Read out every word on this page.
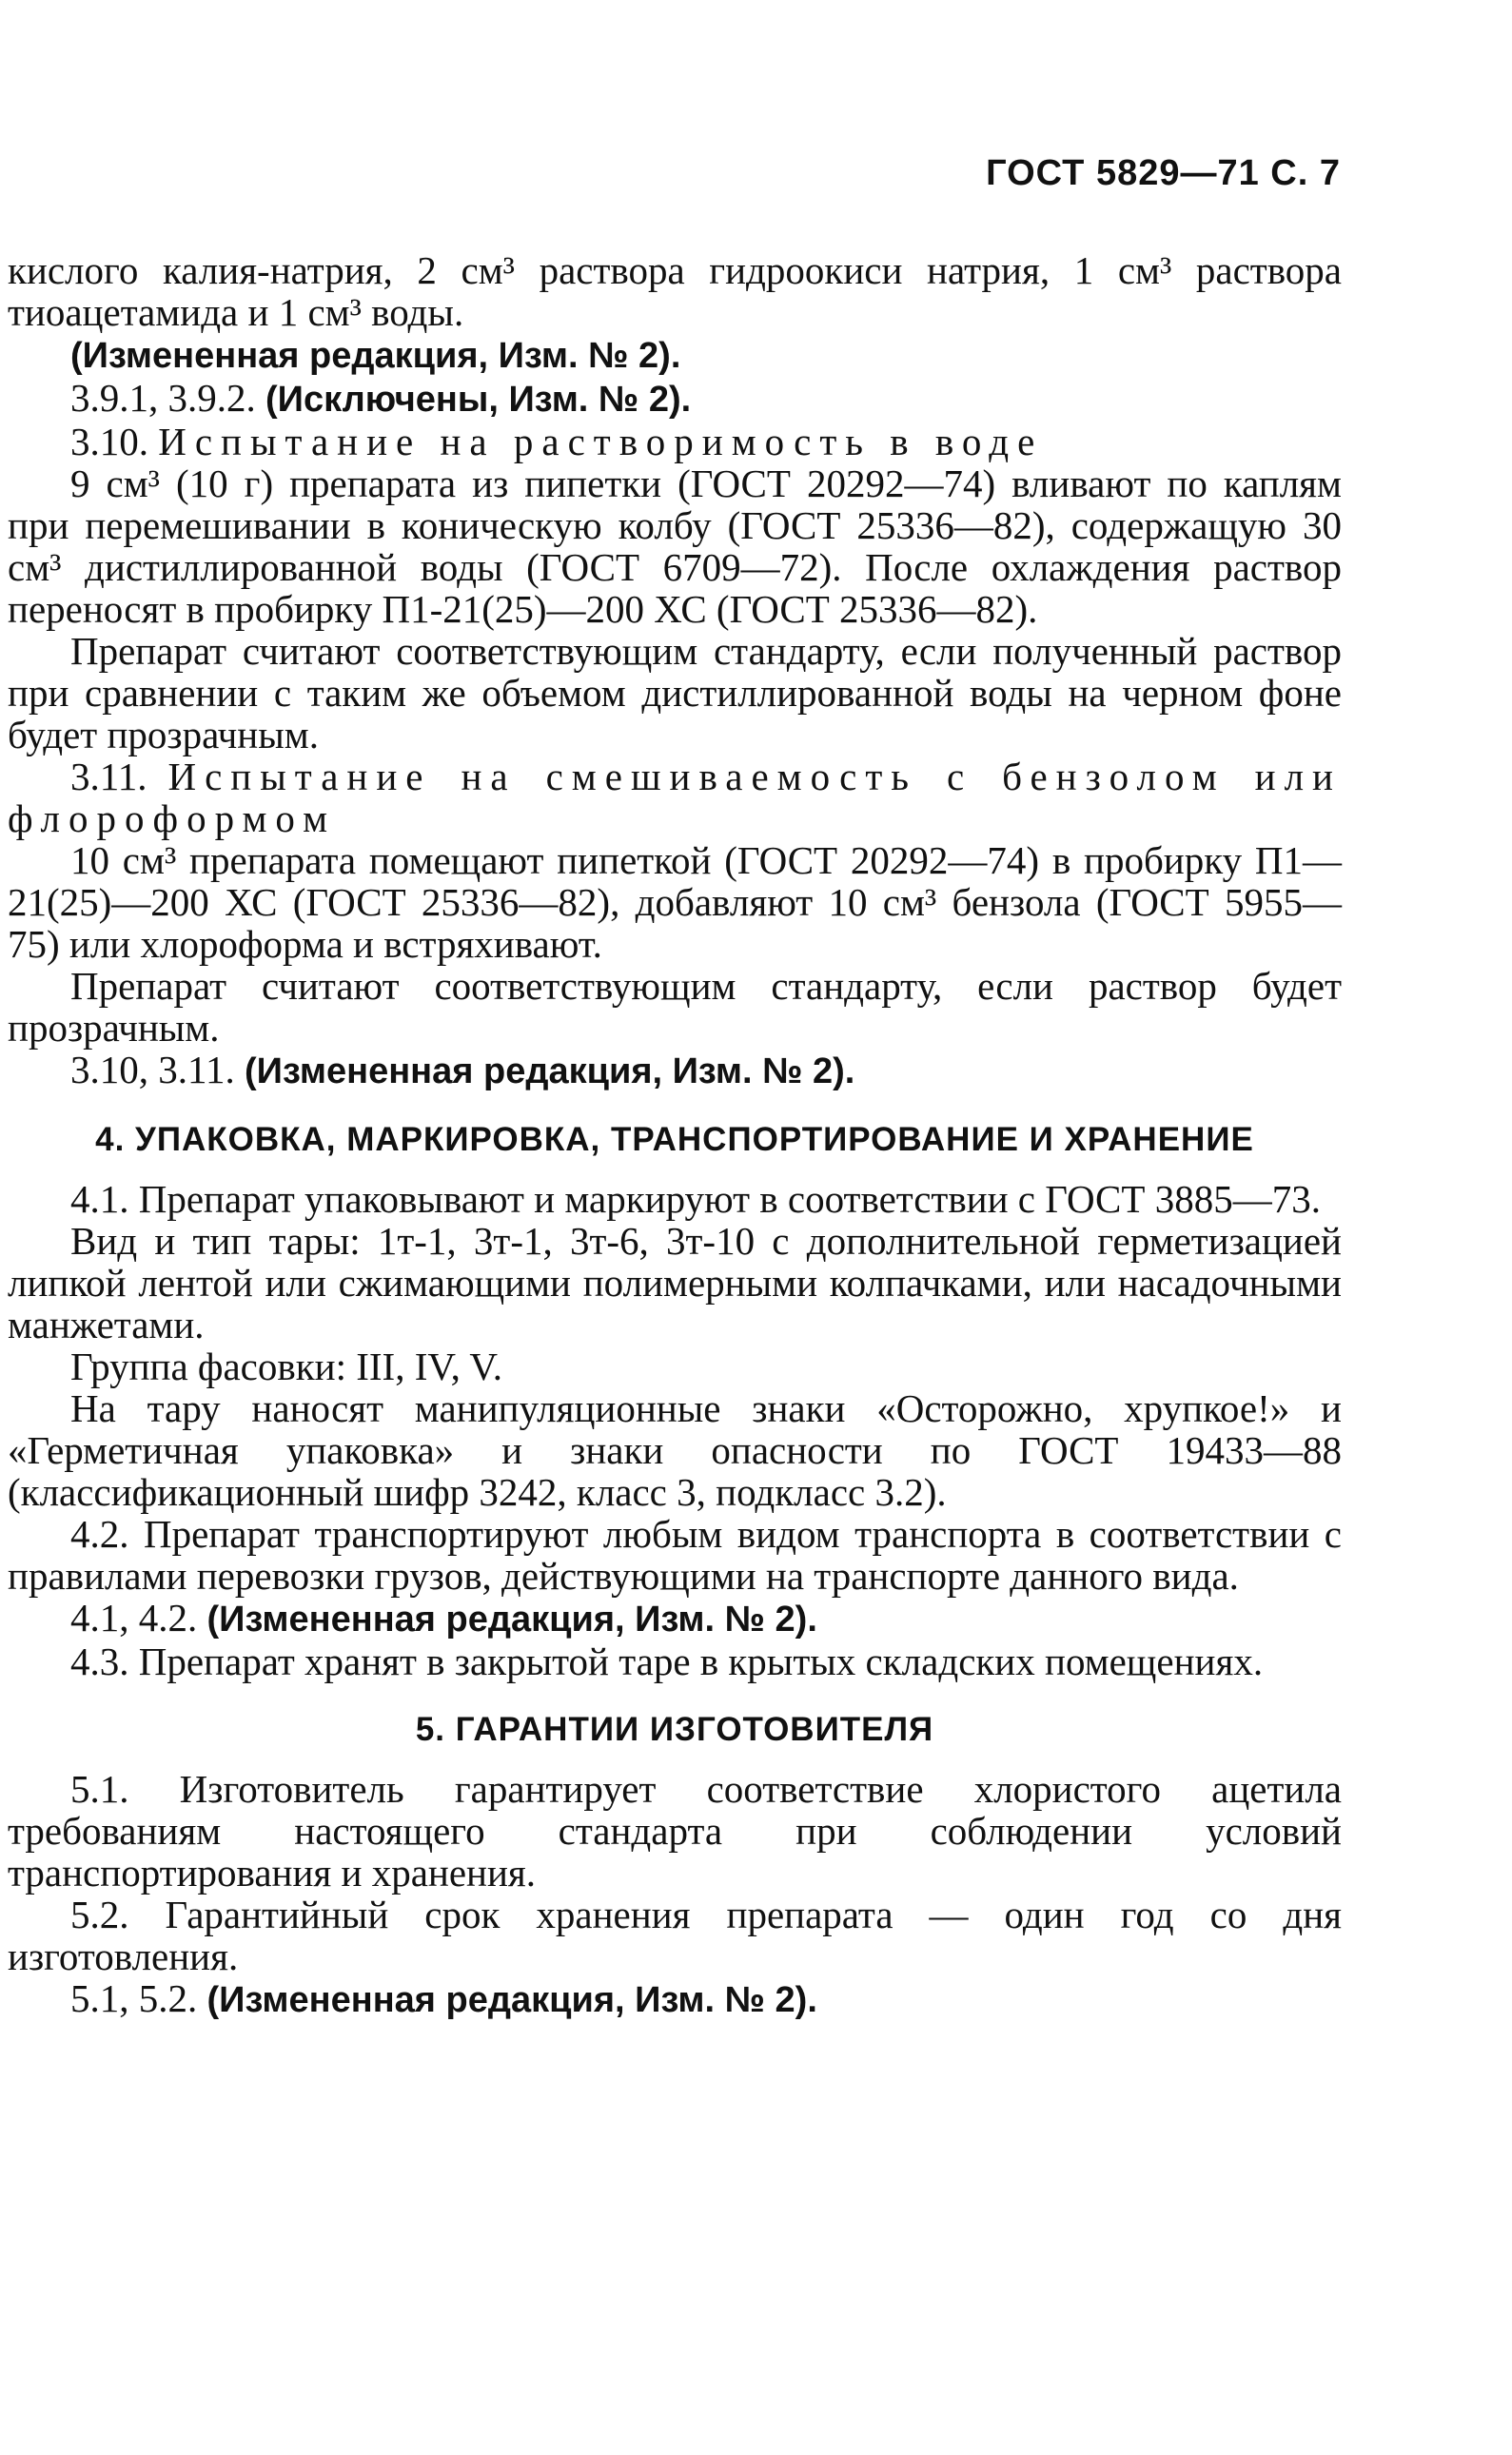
ГОСТ 5829—71 С. 7

кислого калия-натрия, 2 см³ раствора гидроокиси натрия, 1 см³ раствора тиоацетамида и 1 см³ воды.

(Измененная редакция, Изм. № 2).

3.9.1, 3.9.2. (Исключены, Изм. № 2).

3.10. Испытание на растворимость в воде

9 см³ (10 г) препарата из пипетки (ГОСТ 20292—74) вливают по каплям при перемешивании в коническую колбу (ГОСТ 25336—82), содержащую 30 см³ дистиллированной воды (ГОСТ 6709—72). После охлаждения раствор переносят в пробирку П1-21(25)—200 ХС (ГОСТ 25336—82).

Препарат считают соответствующим стандарту, если полученный раствор при сравнении с таким же объемом дистиллированной воды на черном фоне будет прозрачным.

3.11. Испытание на смешиваемость с бензолом или флороформом

10 см³ препарата помещают пипеткой (ГОСТ 20292—74) в пробирку П1—21(25)—200 ХС (ГОСТ 25336—82), добавляют 10 см³ бензола (ГОСТ 5955—75) или хлороформа и встряхивают.

Препарат считают соответствующим стандарту, если раствор будет прозрачным.

3.10, 3.11. (Измененная редакция, Изм. № 2).

4. УПАКОВКА, МАРКИРОВКА, ТРАНСПОРТИРОВАНИЕ И ХРАНЕНИЕ

4.1. Препарат упаковывают и маркируют в соответствии с ГОСТ 3885—73.

Вид и тип тары: 1т-1, 3т-1, 3т-6, 3т-10 с дополнительной герметизацией липкой лентой или сжимающими полимерными колпачками, или насадочными манжетами.

Группа фасовки: III, IV, V.

На тару наносят манипуляционные знаки «Осторожно, хрупкое!» и «Герметичная упаковка» и знаки опасности по ГОСТ 19433—88 (классификационный шифр 3242, класс 3, подкласс 3.2).

4.2. Препарат транспортируют любым видом транспорта в соответствии с правилами перевозки грузов, действующими на транспорте данного вида.

4.1, 4.2. (Измененная редакция, Изм. № 2).

4.3. Препарат хранят в закрытой таре в крытых складских помещениях.

5. ГАРАНТИИ ИЗГОТОВИТЕЛЯ

5.1. Изготовитель гарантирует соответствие хлористого ацетила требованиям настоящего стандарта при соблюдении условий транспортирования и хранения.

5.2. Гарантийный срок хранения препарата — один год со дня изготовления.

5.1, 5.2. (Измененная редакция, Изм. № 2).
